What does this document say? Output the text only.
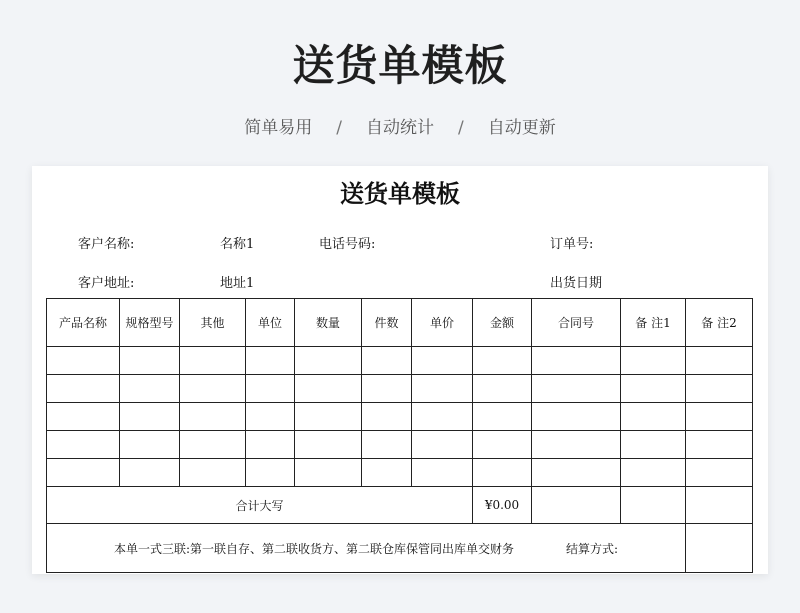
送货单模板
简单易用 / 自动统计 / 自动更新
送货单模板
客户名称:	名称1	电话号码:	订单号:
客户地址:	地址1	出货日期
产品名称	规格型号	其他	单位	数量	件数	单价	金额	合同号	备 注1	备 注2

合计大写							¥0.00			
本单一式三联:第一联自存、第二联收货方、第二联仓库保管同出库单交财务 结算方式:										
